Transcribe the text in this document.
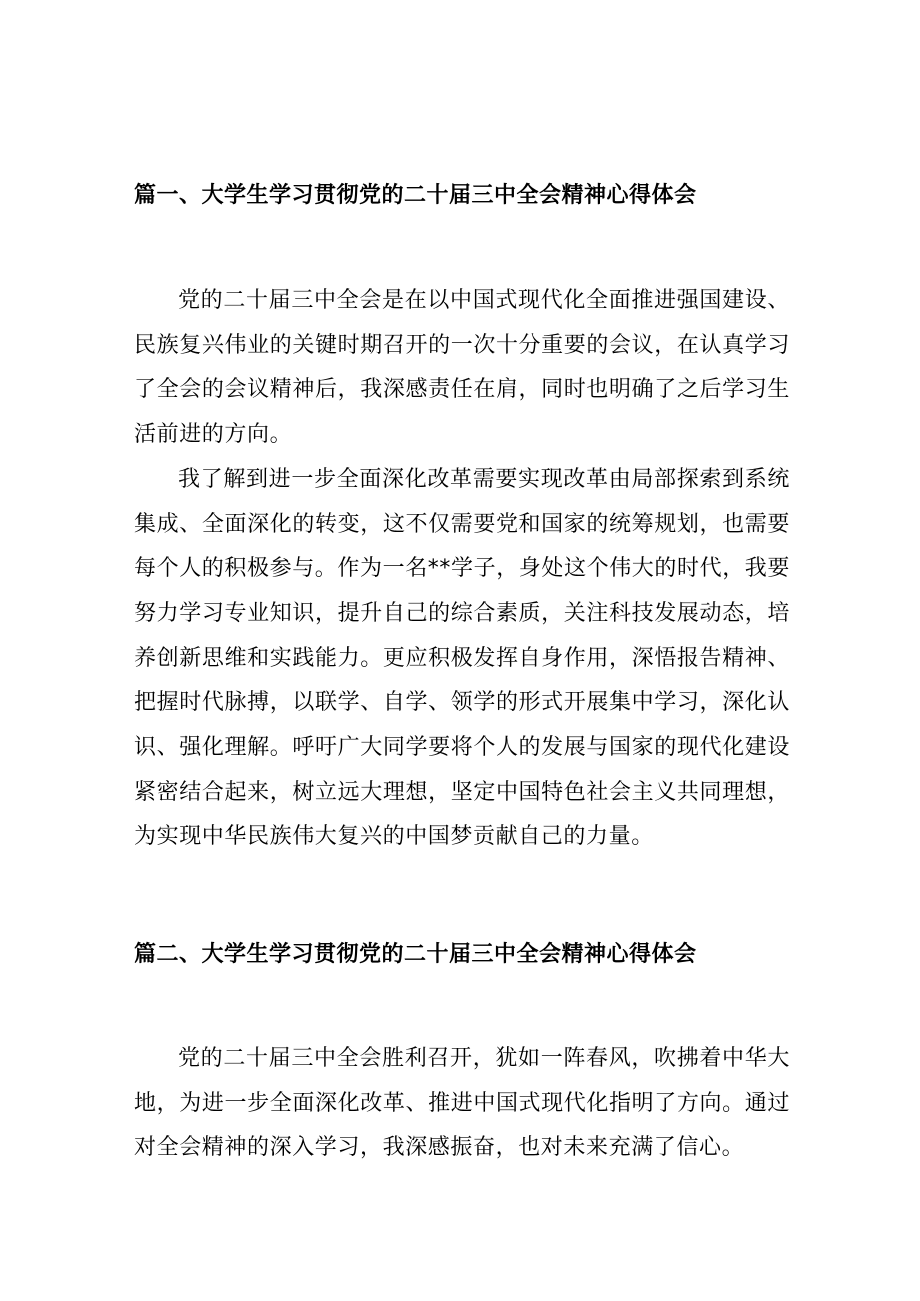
篇一、大学生学习贯彻党的二十届三中全会精神心得体会

党的二十届三中全会是在以中国式现代化全面推进强国建设、民族复兴伟业的关键时期召开的一次十分重要的会议，在认真学习了全会的会议精神后，我深感责任在肩，同时也明确了之后学习生活前进的方向。

我了解到进一步全面深化改革需要实现改革由局部探索到系统集成、全面深化的转变，这不仅需要党和国家的统筹规划，也需要每个人的积极参与。作为一名**学子，身处这个伟大的时代，我要努力学习专业知识，提升自己的综合素质，关注科技发展动态，培养创新思维和实践能力。更应积极发挥自身作用，深悟报告精神、把握时代脉搏，以联学、自学、领学的形式开展集中学习，深化认识、强化理解。呼吁广大同学要将个人的发展与国家的现代化建设紧密结合起来，树立远大理想，坚定中国特色社会主义共同理想，为实现中华民族伟大复兴的中国梦贡献自己的力量。

篇二、大学生学习贯彻党的二十届三中全会精神心得体会

党的二十届三中全会胜利召开，犹如一阵春风，吹拂着中华大地，为进一步全面深化改革、推进中国式现代化指明了方向。通过对全会精神的深入学习，我深感振奋，也对未来充满了信心。
